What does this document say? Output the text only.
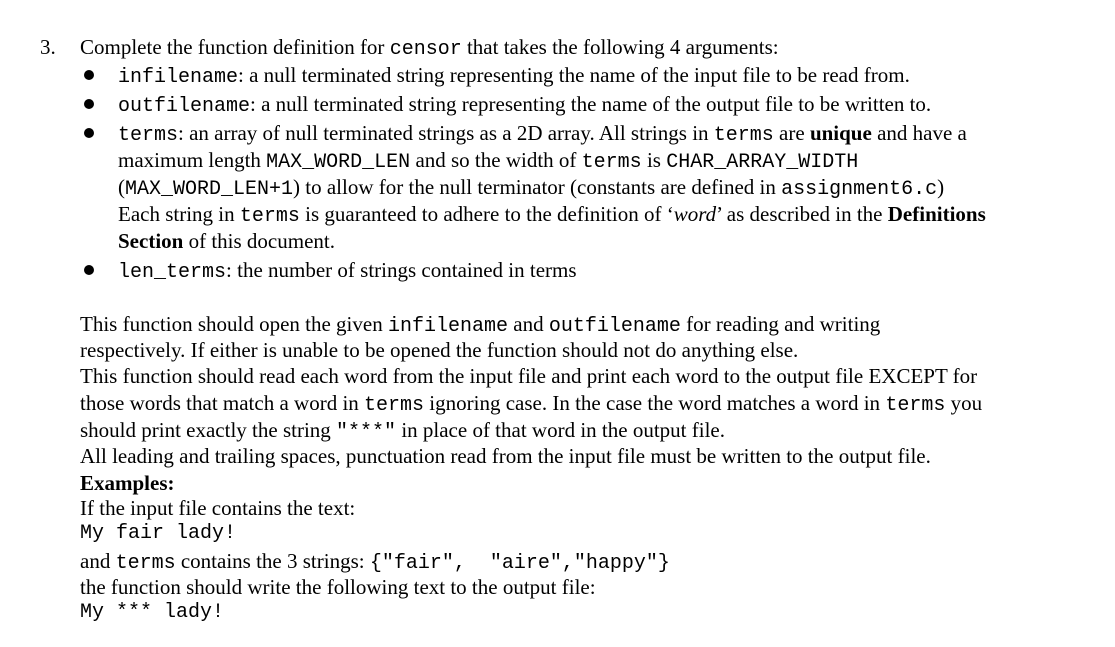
3. Complete the function definition for censor that takes the following 4 arguments:
infilename: a null terminated string representing the name of the input file to be read from.
outfilename: a null terminated string representing the name of the output file to be written to.
terms: an array of null terminated strings as a 2D array. All strings in terms are unique and have a
maximum length MAX_WORD_LEN and so the width of terms is CHAR_ARRAY_WIDTH
(MAX_WORD_LEN+1) to allow for the null terminator (constants are defined in assignment6.c)
Each string in terms is guaranteed to adhere to the definition of ‘word’ as described in the Definitions
Section of this document.
len_terms: the number of strings contained in terms
This function should open the given infilename and outfilename for reading and writing
respectively. If either is unable to be opened the function should not do anything else.
This function should read each word from the input file and print each word to the output file EXCEPT for
those words that match a word in terms ignoring case. In the case the word matches a word in terms you
should print exactly the string "***" in place of that word in the output file.
All leading and trailing spaces, punctuation read from the input file must be written to the output file.
Examples:
If the input file contains the text:
My fair lady!
and terms contains the 3 strings: {"fair",  "aire","happy"}
the function should write the following text to the output file:
My *** lady!
